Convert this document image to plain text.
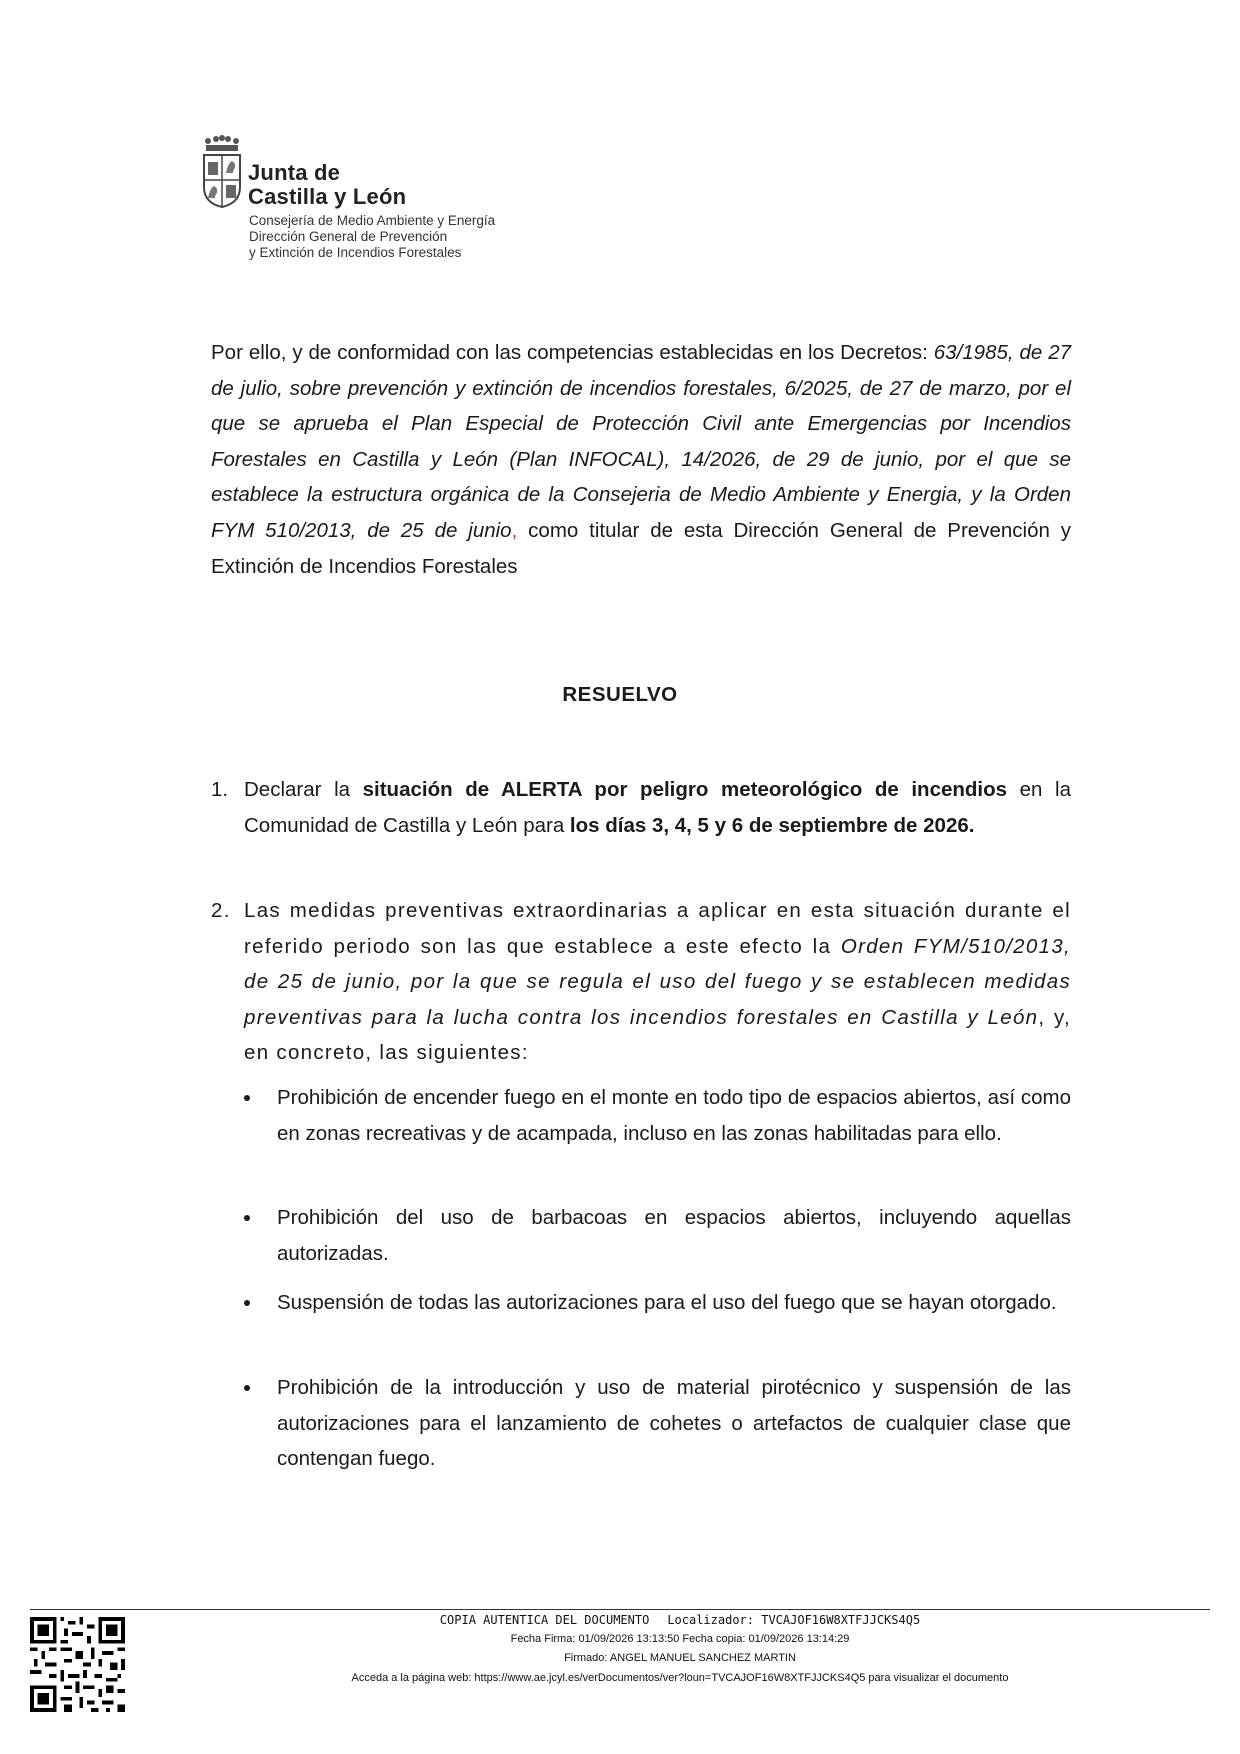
Junta de
Castilla y León
Consejería de Medio Ambiente y Energía
Dirección General de Prevención
y Extinción de Incendios Forestales
Por ello, y de conformidad con las competencias establecidas en los Decretos: 63/1985, de 27 de julio, sobre prevención y extinción de incendios forestales, 6/2025, de 27 de marzo, por el que se aprueba el Plan Especial de Protección Civil ante Emergencias por Incendios Forestales en Castilla y León (Plan INFOCAL), 14/2026, de 29 de junio, por el que se establece la estructura orgánica de la Consejeria de Medio Ambiente y Energia, y la Orden FYM 510/2013, de 25 de junio, como titular de esta Dirección General de Prevención y Extinción de Incendios Forestales
RESUELVO
1. Declarar la situación de ALERTA por peligro meteorológico de incendios en la Comunidad de Castilla y León para los días 3, 4, 5 y 6 de septiembre de 2026.
2. Las medidas preventivas extraordinarias a aplicar en esta situación durante el referido periodo son las que establece a este efecto la Orden FYM/510/2013, de 25 de junio, por la que se regula el uso del fuego y se establecen medidas preventivas para la lucha contra los incendios forestales en Castilla y León, y, en concreto, las siguientes:
Prohibición de encender fuego en el monte en todo tipo de espacios abiertos, así como en zonas recreativas y de acampada, incluso en las zonas habilitadas para ello.
Prohibición del uso de barbacoas en espacios abiertos, incluyendo aquellas autorizadas.
Suspensión de todas las autorizaciones para el uso del fuego que se hayan otorgado.
Prohibición de la introducción y uso de material pirotécnico y suspensión de las autorizaciones para el lanzamiento de cohetes o artefactos de cualquier clase que contengan fuego.
COPIA AUTENTICA DEL DOCUMENTO Localizador: TVCAJOF16W8XTFJJCKS4Q5
Fecha Firma: 01/09/2026 13:13:50 Fecha copia: 01/09/2026 13:14:29
Firmado: ANGEL MANUEL SANCHEZ MARTIN
Acceda a la página web: https://www.ae.jcyl.es/verDocumentos/ver?loun=TVCAJOF16W8XTFJJCKS4Q5 para visualizar el documento
